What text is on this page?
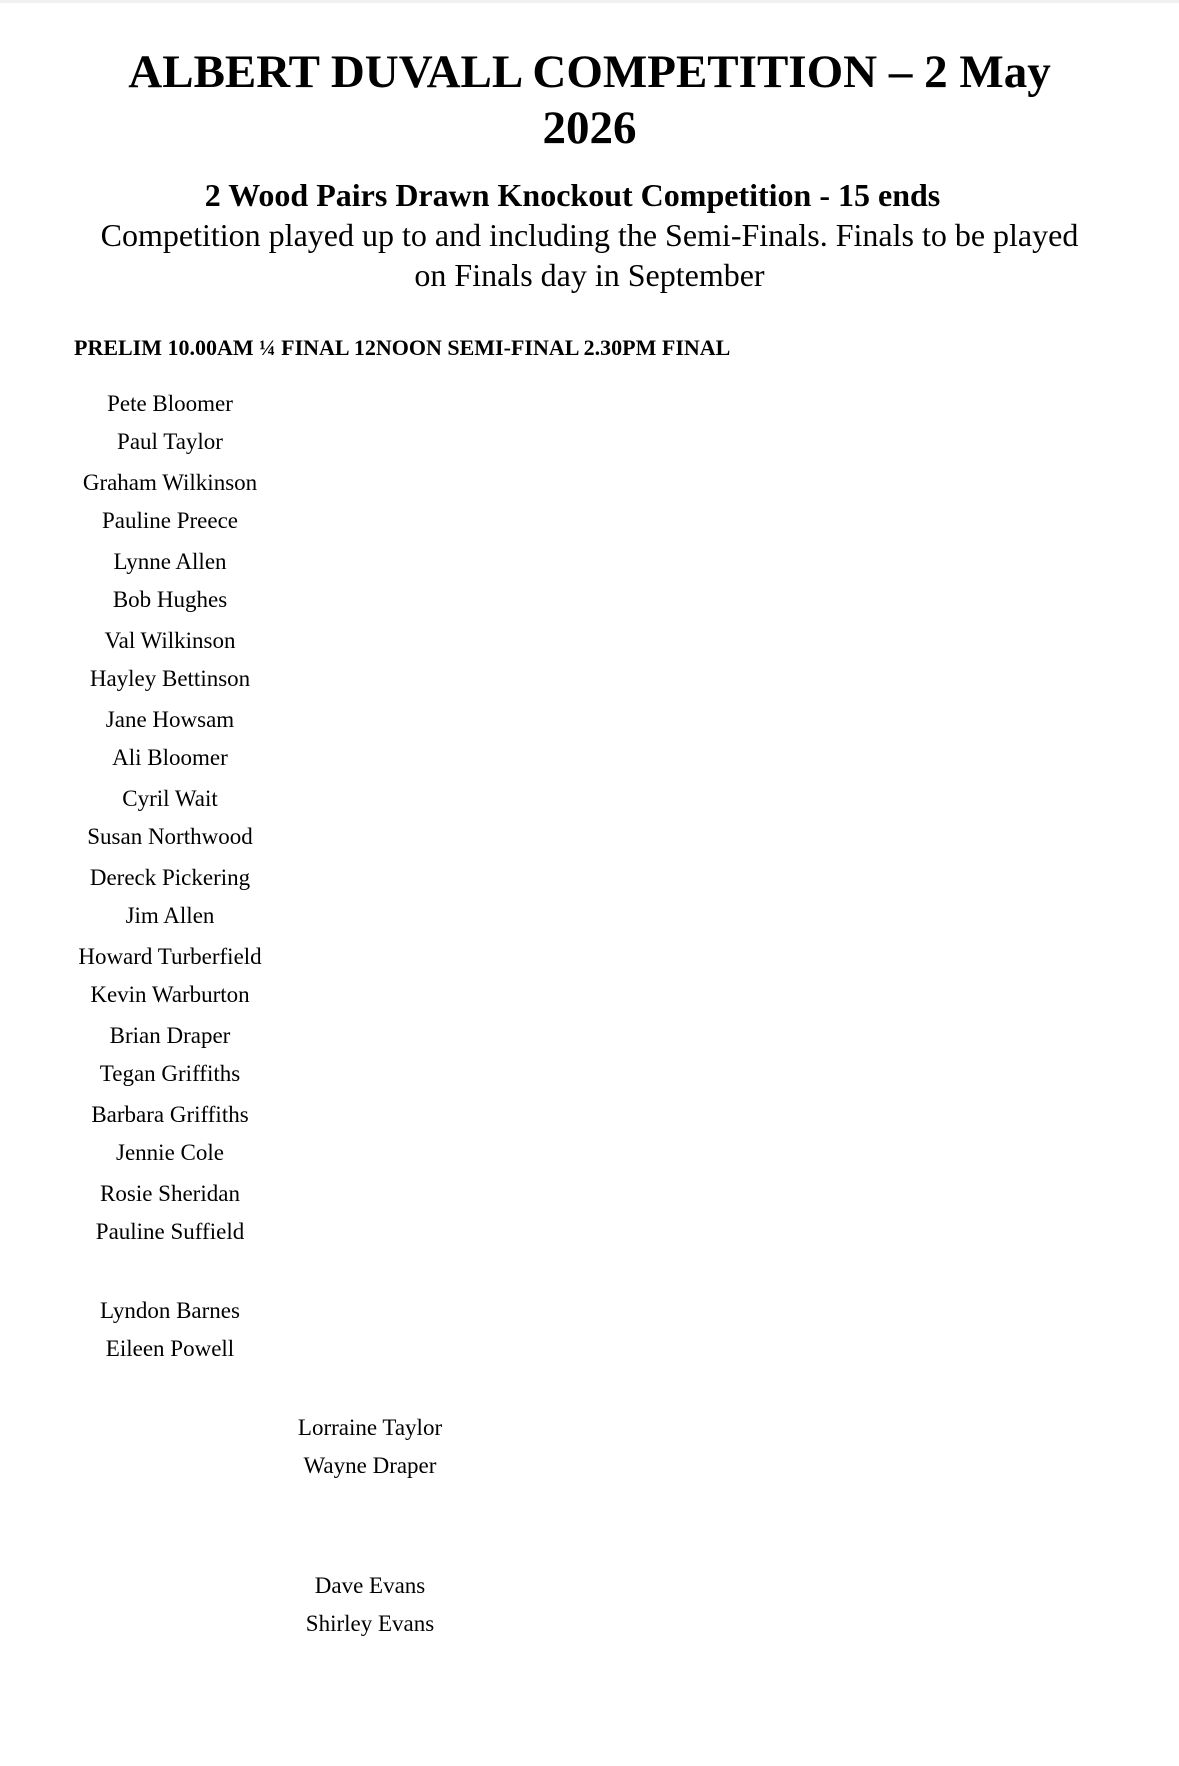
ALBERT DUVALL COMPETITION – 2 May 2026
2 Wood Pairs Drawn Knockout Competition - 15 ends
Competition played up to and including the Semi-Finals. Finals to be played on Finals day in September
PRELIM 10.00AM ¼ FINAL 12NOON SEMI-FINAL 2.30PM FINAL
Pete Bloomer
Paul Taylor
Graham Wilkinson
Pauline Preece
Lynne Allen
Bob Hughes
Val Wilkinson
Hayley Bettinson
Jane Howsam
Ali Bloomer
Cyril Wait
Susan Northwood
Dereck Pickering
Jim Allen
Howard Turberfield
Kevin Warburton
Brian Draper
Tegan Griffiths
Barbara Griffiths
Jennie Cole
Rosie Sheridan
Pauline Suffield
Lyndon Barnes
Eileen Powell
Lorraine Taylor
Wayne Draper
Dave Evans
Shirley Evans
